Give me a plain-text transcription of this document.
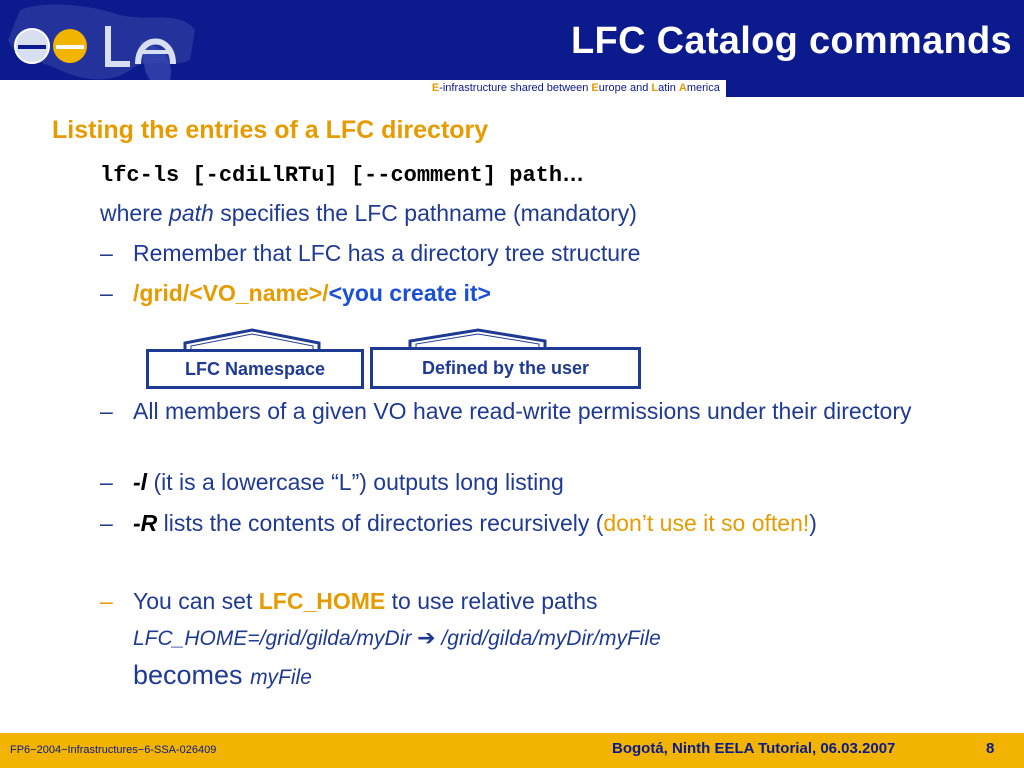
LFC Catalog commands
E-infrastructure shared between Europe and Latin America
Listing the entries of a LFC directory
lfc-ls [-cdiLlRTu] [--comment] path…
where path specifies the LFC pathname (mandatory)
– Remember that LFC has a directory tree structure
– /grid/<VO_name>/<you create it>
LFC Namespace	Defined by the user
– All members of a given VO have read-write permissions under their directory
– -l (it is a lowercase “L”) outputs long listing
– -R lists the contents of directories recursively (don’t use it so often!)
– You can set LFC_HOME to use relative paths
LFC_HOME=/grid/gilda/myDir ➔ /grid/gilda/myDir/myFile
becomes myFile
FP6−2004−Infrastructures−6-SSA-026409	Bogotá, Ninth EELA Tutorial, 06.03.2007	8
